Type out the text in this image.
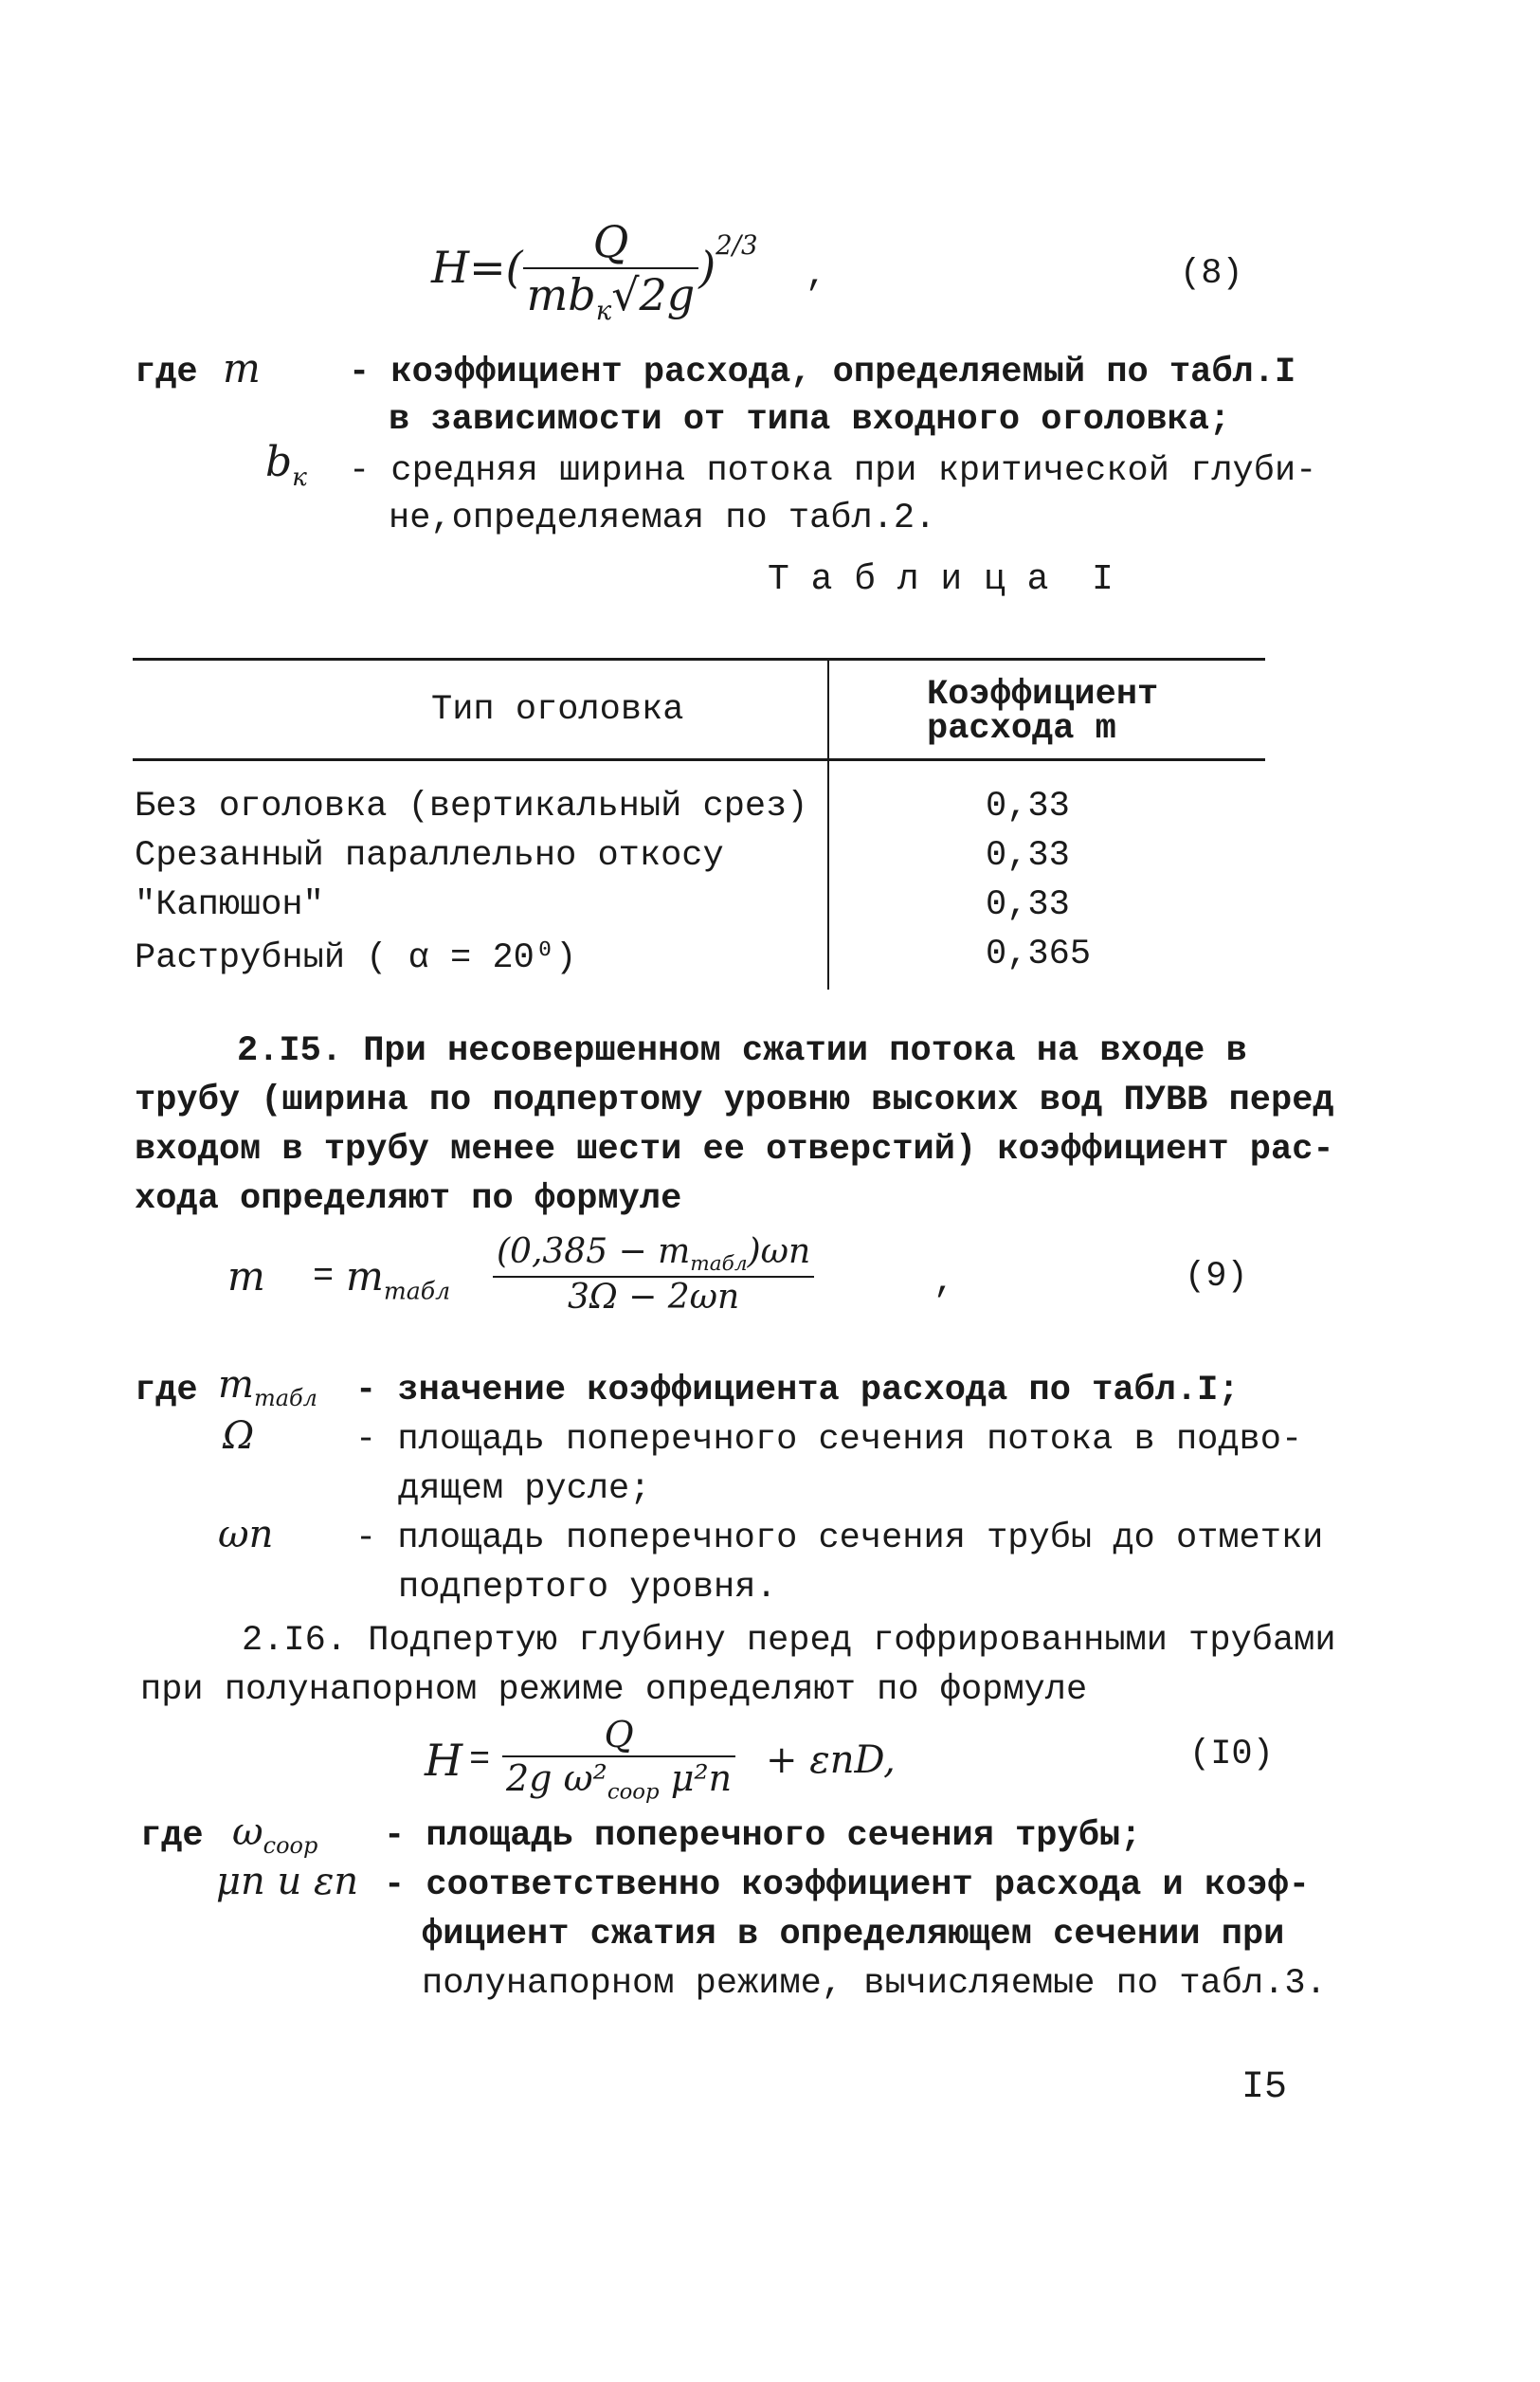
$H=( \frac{Q}{mb_к√2g} )^{2/3}$
,	(8)
где m	- коэффициент расхода, определяемый по табл.I
в зависимости от типа входного оголовка;
$b_к$ - средняя ширина потока при критической глуби-
не,определяемая по табл.2.
Т а б л и ц а  I
Тип оголовка	Коэффициент
расхода m
Без оголовка (вертикальный срез)	0,33
Срезанный параллельно откосу	0,33
"Капюшон"	0,33
Раструбный ( α = 20⁰)	0,365
2.I5. При несовершенном сжатии потока на входе в
трубу (ширина по подпертому уровню высоких вод ПУВВ перед
входом в трубу менее шести ее отверстий) коэффициент рас-
хода определяют по формуле
$m = m_{табл}$
$(0,385 - m_{табл})\omega п$
3Ω − 2ωп	,	(9)
где $m_{табл}$ - значение коэффициента расхода по табл.I;
Ω	- площадь поперечного сечения потока в подво-
дящем русле;
ωп - площадь поперечного сечения трубы до отметки
подпертого уровня.
2.I6. Подпертую глубину перед гофрированными трубами
при полунапорном режиме определяют по формуле
H =
Q
2g $\omega^2_{coop}$ μ²п + εпD,	(I0)
где $\omega_{coop}$ - площадь поперечного сечения трубы;
μп и εп - соответственно коэффициент расхода и коэф-
фициент сжатия в определяющем сечении при
полунапорном режиме, вычисляемые по табл.3.
I5
